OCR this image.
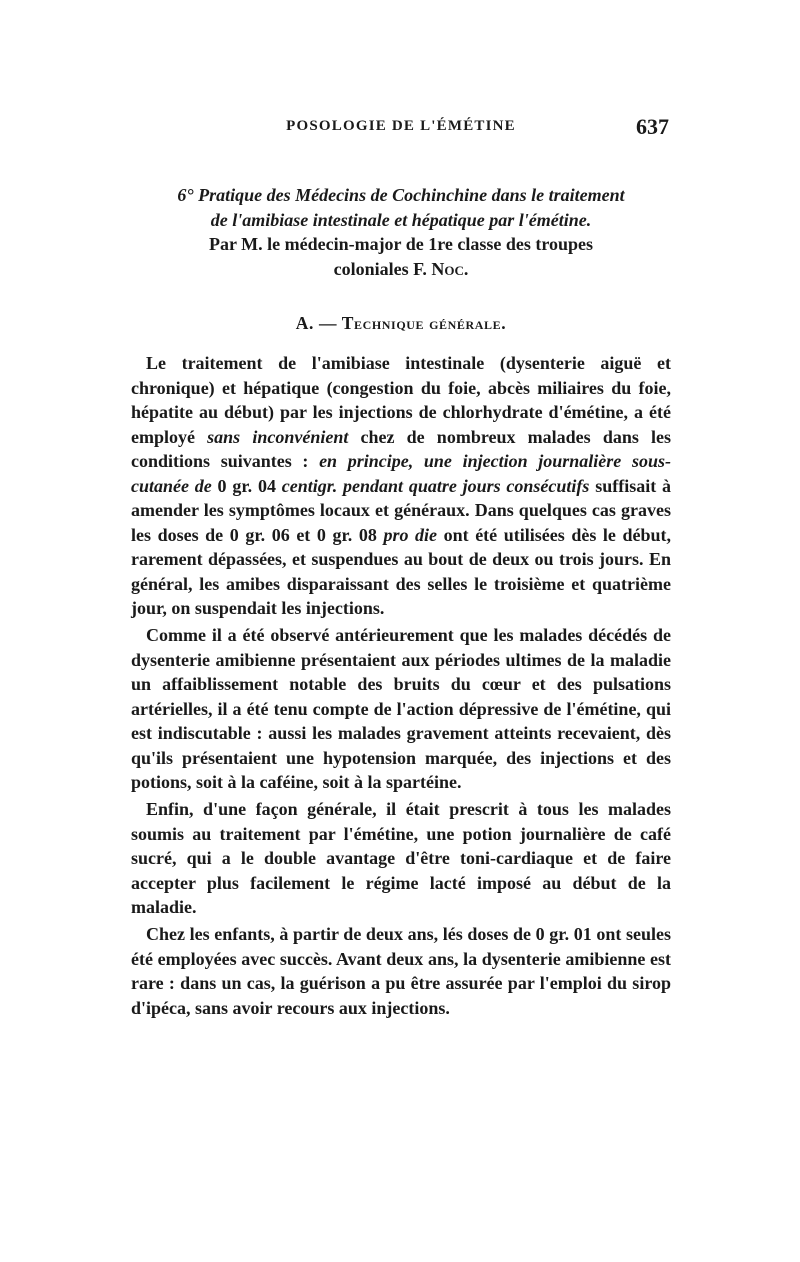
POSOLOGIE DE L'ÉMÉTINE	637
6° Pratique des Médecins de Cochinchine dans le traitement
de l'amibiase intestinale et hépatique par l'émétine.
Par M. le médecin-major de 1re classe des troupes
coloniales F. Noc.
A. — Technique générale.

Le traitement de l'amibiase intestinale (dysenterie aiguë et chronique) et hépatique (congestion du foie, abcès miliaires du foie, hépatite au début) par les injections de chlorhydrate d'émétine, a été employé sans inconvénient chez de nombreux malades dans les conditions suivantes : en principe, une injection journalière sous-cutanée de 0 gr. 04 centigr. pendant quatre jours consécutifs suffisait à amender les symptômes locaux et généraux. Dans quelques cas graves les doses de 0 gr. 06 et 0 gr. 08 pro die ont été utilisées dès le début, rarement dépassées, et suspendues au bout de deux ou trois jours. En général, les amibes disparaissant des selles le troisième et quatrième jour, on suspendait les injections.

Comme il a été observé antérieurement que les malades décédés de dysenterie amibienne présentaient aux périodes ultimes de la maladie un affaiblissement notable des bruits du cœur et des pulsations artérielles, il a été tenu compte de l'action dépressive de l'émétine, qui est indiscutable : aussi les malades gravement atteints recevaient, dès qu'ils présentaient une hypotension marquée, des injections et des potions, soit à la caféine, soit à la spartéine.

Enfin, d'une façon générale, il était prescrit à tous les malades soumis au traitement par l'émétine, une potion journalière de café sucré, qui a le double avantage d'être toni-cardiaque et de faire accepter plus facilement le régime lacté imposé au début de la maladie.

Chez les enfants, à partir de deux ans, lés doses de 0 gr. 01 ont seules été employées avec succès. Avant deux ans, la dysenterie amibienne est rare : dans un cas, la guérison a pu être assurée par l'emploi du sirop d'ipéca, sans avoir recours aux injections.
